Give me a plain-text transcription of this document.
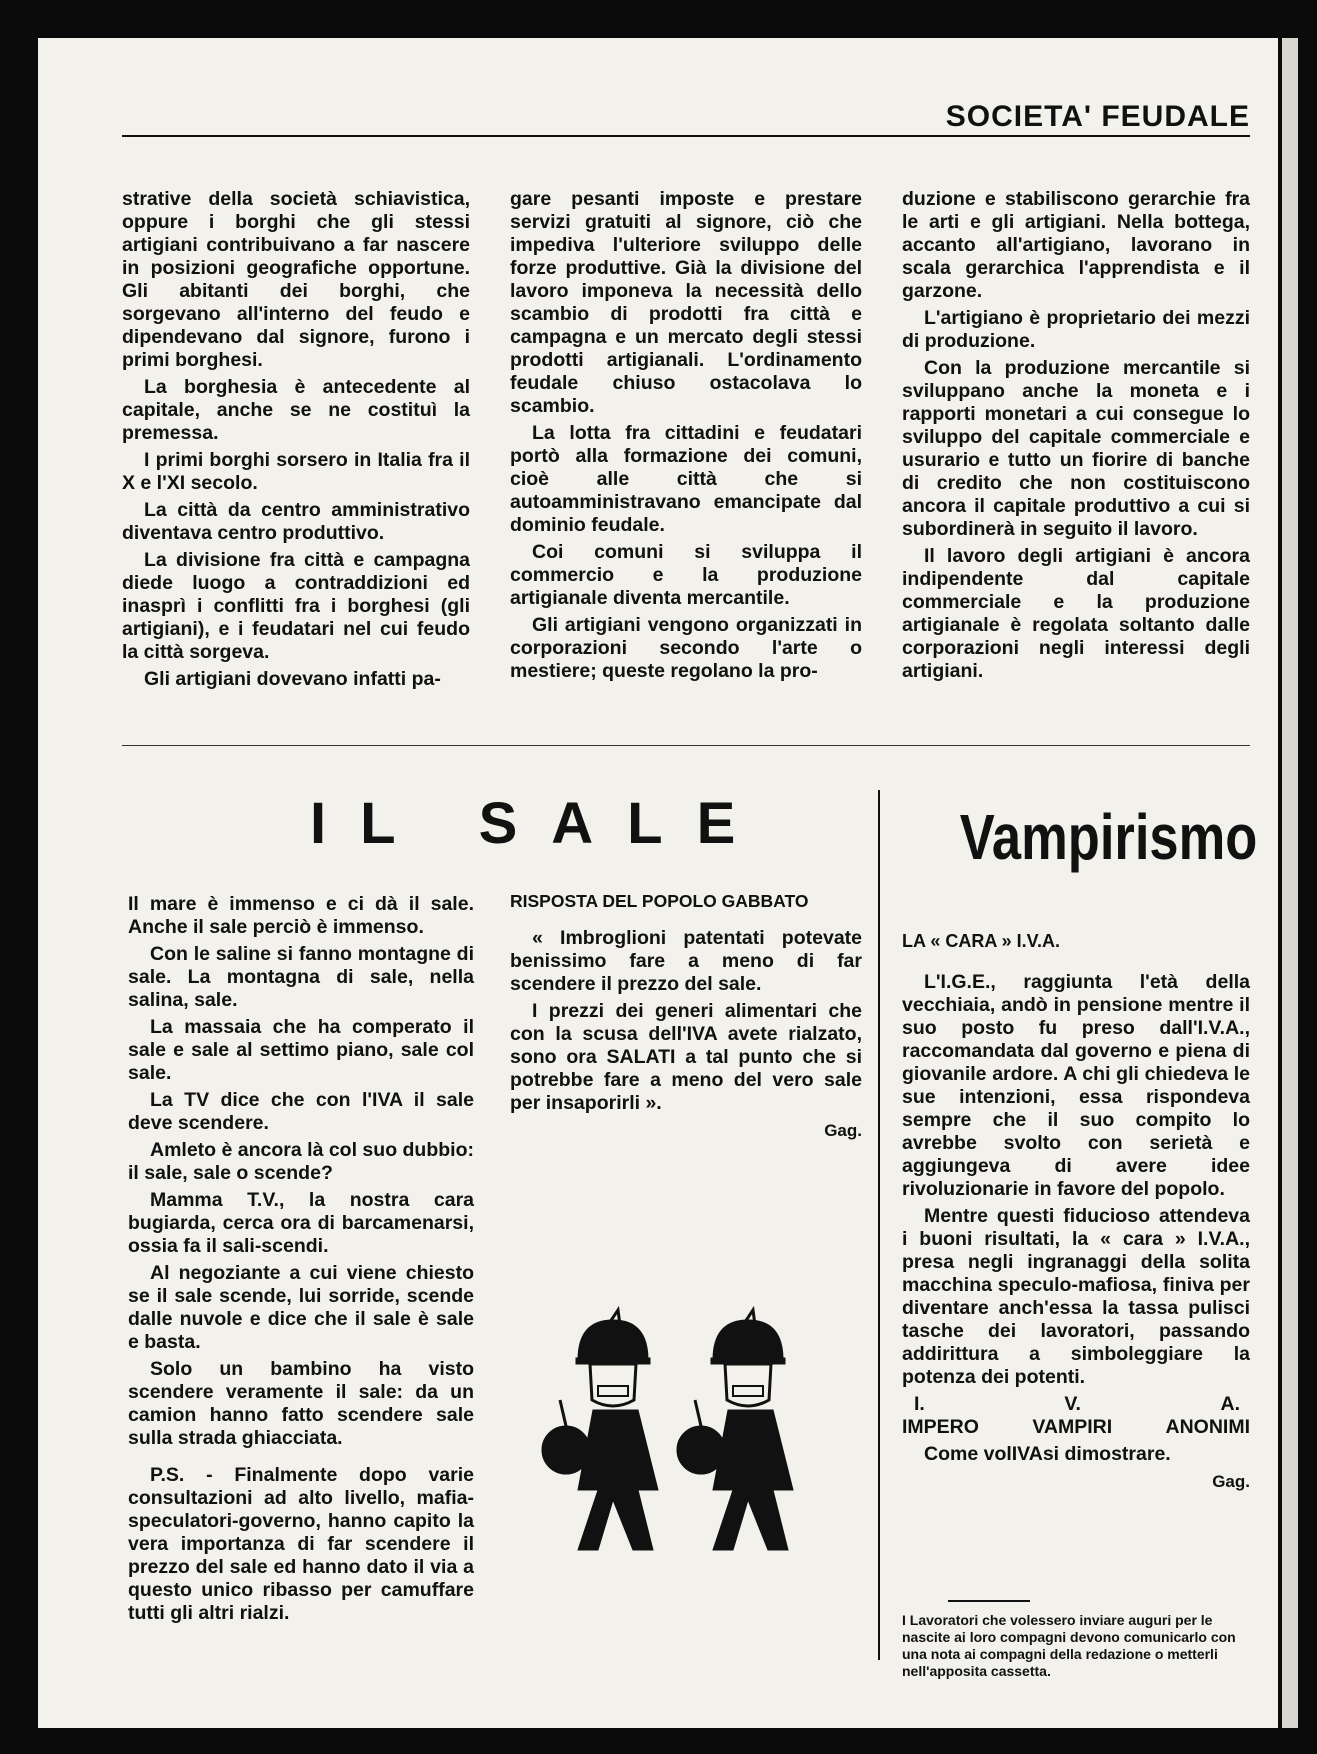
SOCIETA' FEUDALE

strative della società schiavistica, oppure i borghi che gli stessi artigiani contribuivano a far nascere in posizioni geografiche opportune. Gli abitanti dei borghi, che sorgevano all'interno del feudo e dipendevano dal signore, furono i primi borghesi.

La borghesia è antecedente al capitale, anche se ne costituì la premessa.

I primi borghi sorsero in Italia fra il X e l'XI secolo.

La città da centro amministrativo diventava centro produttivo.

La divisione fra città e campagna diede luogo a contraddizioni ed inasprì i conflitti fra i borghesi (gli artigiani), e i feudatari nel cui feudo la città sorgeva.

Gli artigiani dovevano infatti pa-

gare pesanti imposte e prestare servizi gratuiti al signore, ciò che impediva l'ulteriore sviluppo delle forze produttive. Già la divisione del lavoro imponeva la necessità dello scambio di prodotti fra città e campagna e un mercato degli stessi prodotti artigianali. L'ordinamento feudale chiuso ostacolava lo scambio.

La lotta fra cittadini e feudatari portò alla formazione dei comuni, cioè alle città che si autoamministravano emancipate dal dominio feudale.

Coi comuni si sviluppa il commercio e la produzione artigianale diventa mercantile.

Gli artigiani vengono organizzati in corporazioni secondo l'arte o mestiere; queste regolano la pro-

duzione e stabiliscono gerarchie fra le arti e gli artigiani. Nella bottega, accanto all'artigiano, lavorano in scala gerarchica l'apprendista e il garzone.

L'artigiano è proprietario dei mezzi di produzione.

Con la produzione mercantile si sviluppano anche la moneta e i rapporti monetari a cui consegue lo sviluppo del capitale commerciale e usurario e tutto un fiorire di banche di credito che non costituiscono ancora il capitale produttivo a cui si subordinerà in seguito il lavoro.

Il lavoro degli artigiani è ancora indipendente dal capitale commerciale e la produzione artigianale è regolata soltanto dalle corporazioni negli interessi degli artigiani.

IL SALE

Il mare è immenso e ci dà il sale. Anche il sale perciò è immenso.

Con le saline si fanno montagne di sale. La montagna di sale, nella salina, sale.

La massaia che ha comperato il sale e sale al settimo piano, sale col sale.

La TV dice che con l'IVA il sale deve scendere.

Amleto è ancora là col suo dubbio: il sale, sale o scende?

Mamma T.V., la nostra cara bugiarda, cerca ora di barcamenarsi, ossia fa il sali-scendi.

Al negoziante a cui viene chiesto se il sale scende, lui sorride, scende dalle nuvole e dice che il sale è sale e basta.

Solo un bambino ha visto scendere veramente il sale: da un camion hanno fatto scendere sale sulla strada ghiacciata.

P.S. - Finalmente dopo varie consultazioni ad alto livello, mafia-speculatori-governo, hanno capito la vera importanza di far scendere il prezzo del sale ed hanno dato il via a questo unico ribasso per camuffare tutti gli altri rialzi.

RISPOSTA DEL POPOLO GABBATO

« Imbroglioni patentati potevate benissimo fare a meno di far scendere il prezzo del sale.

I prezzi dei generi alimentari che con la scusa dell'IVA avete rialzato, sono ora SALATI a tal punto che si potrebbe fare a meno del vero sale per insaporirli ».

Gag.
Vampirismo
LA « CARA » I.V.A.

L'I.G.E., raggiunta l'età della vecchiaia, andò in pensione mentre il suo posto fu preso dall'I.V.A., raccomandata dal governo e piena di giovanile ardore. A chi gli chiedeva le sue intenzioni, essa rispondeva sempre che il suo compito lo avrebbe svolto con serietà e aggiungeva di avere idee rivoluzionarie in favore del popolo.

Mentre questi fiducioso attendeva i buoni risultati, la « cara » I.V.A., presa negli ingranaggi della solita macchina speculo-mafiosa, finiva per diventare anch'essa la tassa pulisci tasche dei lavoratori, passando addirittura a simboleggiare la potenza dei potenti.

I.	V.	A.
IMPERO	VAMPIRI	ANONIMI

Come volIVAsi dimostrare.

Gag.
I Lavoratori che volessero inviare auguri per le nascite ai loro compagni devono comunicarlo con una nota ai compagni della redazione o metterli nell'apposita cassetta.
